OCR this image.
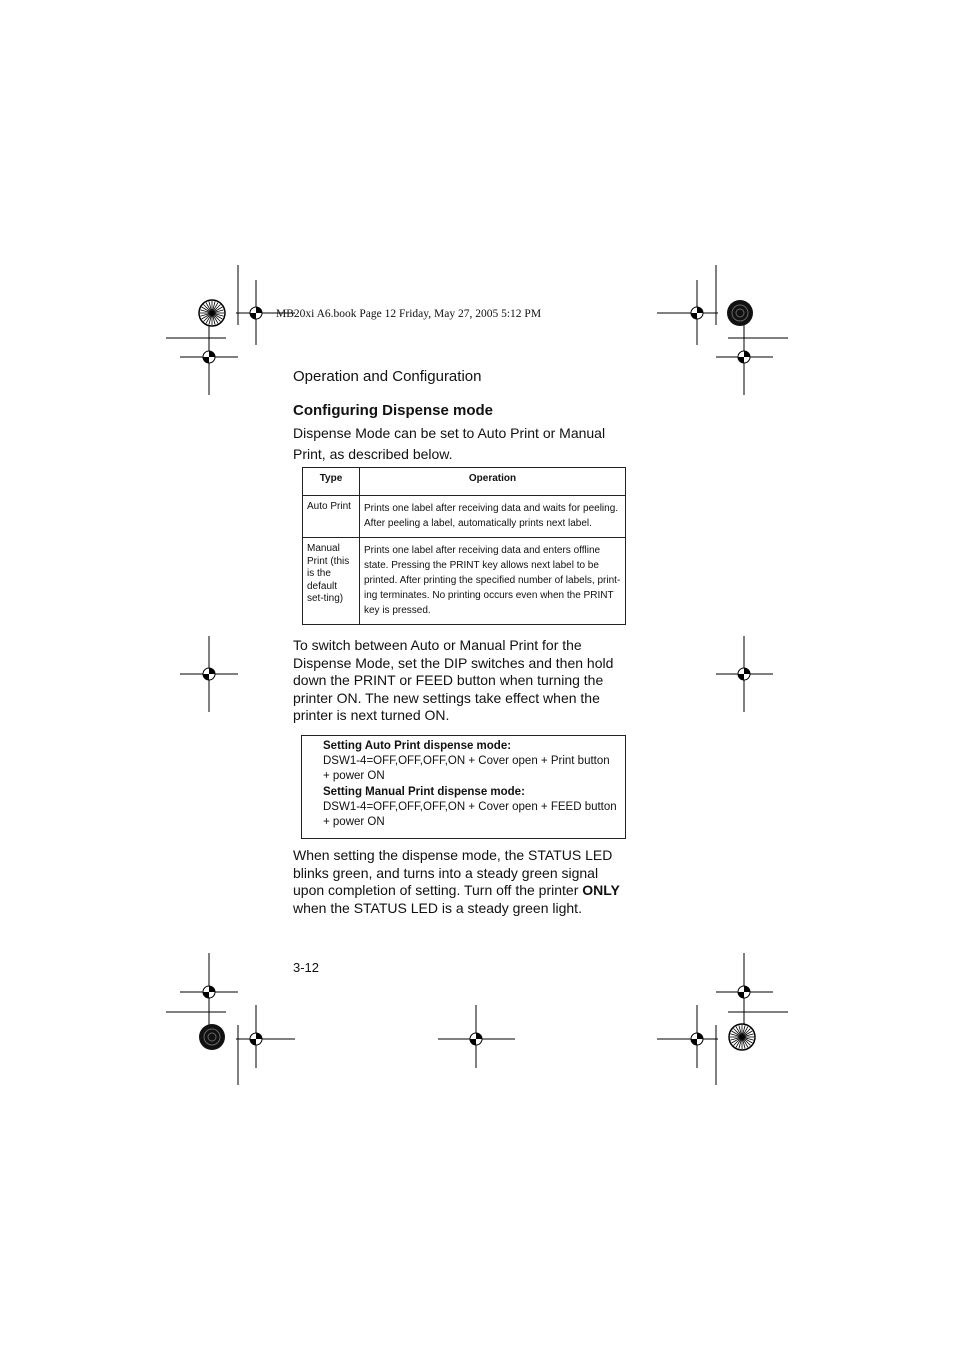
MB20xi A6.book Page 12 Friday, May 27, 2005 5:12 PM
Operation and Configuration
Configuring Dispense mode
Dispense Mode can be set to Auto Print or Manual Print, as described below.
Type	Operation
Auto Print	Prints one label after receiving data and waits for peeling. After peeling a label, automatically prints next label.
Manual Print (this is the default set-ting)	Prints one label after receiving data and enters offline state. Pressing the PRINT key allows next label to be printed. After printing the specified number of labels, print-ing terminates. No printing occurs even when the PRINT key is pressed.
To switch between Auto or Manual Print for the Dispense Mode, set the DIP switches and then hold down the PRINT or FEED button when turning the printer ON. The new settings take effect when the printer is next turned ON.
Setting Auto Print dispense mode:
DSW1-4=OFF,OFF,OFF,ON + Cover open + Print button + power ON
Setting Manual Print dispense mode:
DSW1-4=OFF,OFF,OFF,ON + Cover open + FEED button + power ON
When setting the dispense mode, the STATUS LED blinks green, and turns into a steady green signal upon completion of setting. Turn off the printer ONLY when the STATUS LED is a steady green light.
3-12
